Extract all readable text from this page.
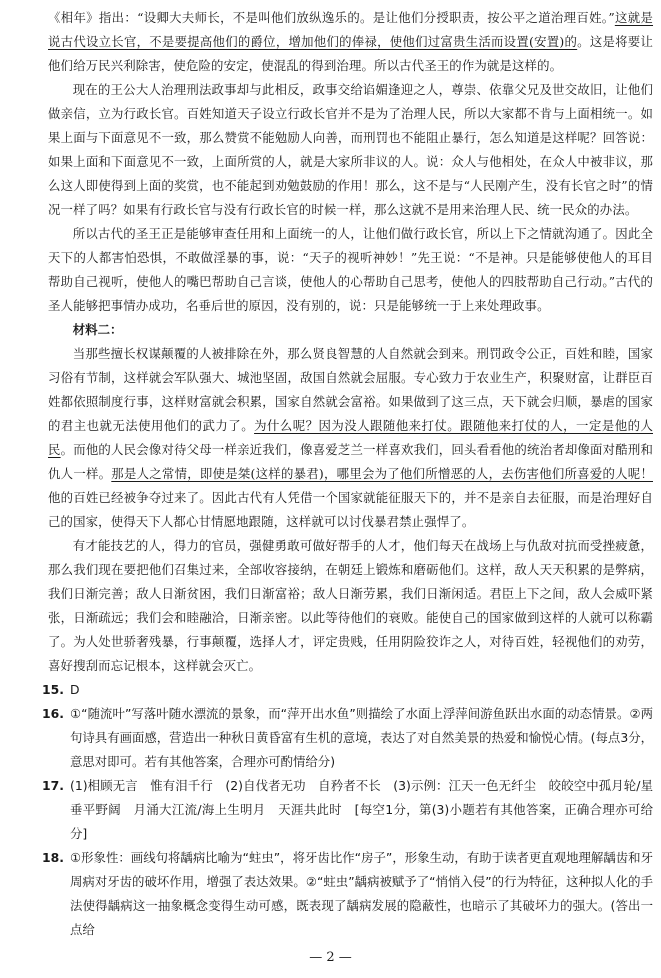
《相年》指出：“设卿大夫师长，不是叫他们放纵逸乐的。是让他们分授职责，按公平之道治理百姓。”这就是说古代设立长官，不是要提高他们的爵位，增加他们的俸禄，使他们过富贵生活而设置(安置)的。这是将要让他们给万民兴利除害，使危险的安定，使混乱的得到治理。所以古代圣王的作为就是这样的。

现在的王公大人治理刑法政事却与此相反，政事交给谄媚逢迎之人，尊崇、依靠父兄及世交故旧，让他们做亲信，立为行政长官。百姓知道天子设立行政长官并不是为了治理人民，所以大家都不肯与上面相统一。如果上面与下面意见不一致，那么赞赏不能勉励人向善，而刑罚也不能阻止暴行，怎么知道是这样呢？回答说：如果上面和下面意见不一致，上面所赏的人，就是大家所非议的人。说：众人与他相处，在众人中被非议，那么这人即使得到上面的奖赏，也不能起到劝勉鼓励的作用！那么，这不是与“人民刚产生，没有长官之时”的情况一样了吗？如果有行政长官与没有行政长官的时候一样，那么这就不是用来治理人民、统一民众的办法。

所以古代的圣王正是能够审查任用和上面统一的人，让他们做行政长官，所以上下之情就沟通了。因此全天下的人都害怕恐惧，不敢做淫暴的事，说：“天子的视听神妙！”先王说：“不是神。只是能够使他人的耳目帮助自己视听，使他人的嘴巴帮助自己言谈，使他人的心帮助自己思考，使他人的四肢帮助自己行动。”古代的圣人能够把事情办成功，名垂后世的原因，没有别的，说：只是能够统一于上来处理政事。

材料二：

当那些擅长权谋颠覆的人被排除在外，那么贤良智慧的人自然就会到来。刑罚政令公正，百姓和睦，国家习俗有节制，这样就会军队强大、城池坚固，敌国自然就会屈服。专心致力于农业生产，积聚财富，让群臣百姓都依照制度行事，这样财富就会积累，国家自然就会富裕。如果做到了这三点，天下就会归顺，暴虐的国家的君主也就无法使用他们的武力了。为什么呢？因为没人跟随他来打仗。跟随他来打仗的人，一定是他的人民。而他的人民会像对待父母一样亲近我们，像喜爱芝兰一样喜欢我们，回头看看他的统治者却像面对酷刑和仇人一样。那是人之常情，即使是桀(这样的暴君)，哪里会为了他们所憎恶的人，去伤害他们所喜爱的人呢！他的百姓已经被争夺过来了。因此古代有人凭借一个国家就能征服天下的，并不是亲自去征服，而是治理好自己的国家，使得天下人都心甘情愿地跟随，这样就可以讨伐暴君禁止强悍了。

有才能技艺的人，得力的官员，强健勇敢可做好帮手的人才，他们每天在战场上与仇敌对抗而受挫疲惫，那么我们现在要把他们召集过来，全部收容接纳，在朝廷上锻炼和磨砺他们。这样，敌人天天积累的是弊病，我们日渐完善；敌人日渐贫困，我们日渐富裕；敌人日渐劳累，我们日渐闲适。君臣上下之间，敌人会威吓紧张，日渐疏远；我们会和睦融洽，日渐亲密。以此等待他们的衰败。能使自己的国家做到这样的人就可以称霸了。为人处世骄奢残暴，行事颠覆，选择人才，评定贵贱，任用阴险狡诈之人，对待百姓，轻视他们的劝劳，喜好搜刮而忘记根本，这样就会灭亡。

15. D
16. ①“随流叶”写落叶随水漂流的景象，而“萍开出水鱼”则描绘了水面上浮萍间游鱼跃出水面的动态情景。②两句诗具有画面感，营造出一种秋日黄昏富有生机的意境，表达了对自然美景的热爱和愉悦心情。(每点3分，意思对即可。若有其他答案，合理亦可酌情给分)
17. (1)相顾无言　惟有泪千行　(2)自伐者无功　自矜者不长　(3)示例：江天一色无纤尘　皎皎空中孤月轮/星垂平野阔　月涌大江流/海上生明月　天涯共此时　[每空1分，第(3)小题若有其他答案，正确合理亦可给分]
18. ①形象性：画线句将龋病比喻为“蛀虫”，将牙齿比作“房子”，形象生动，有助于读者更直观地理解龋齿和牙周病对牙齿的破坏作用，增强了表达效果。②“蛀虫”龋病被赋予了“悄悄入侵”的行为特征，这种拟人化的手法使得龋病这一抽象概念变得生动可感，既表现了龋病发展的隐蔽性，也暗示了其破坏力的强大。(答出一点给
— 2 —
